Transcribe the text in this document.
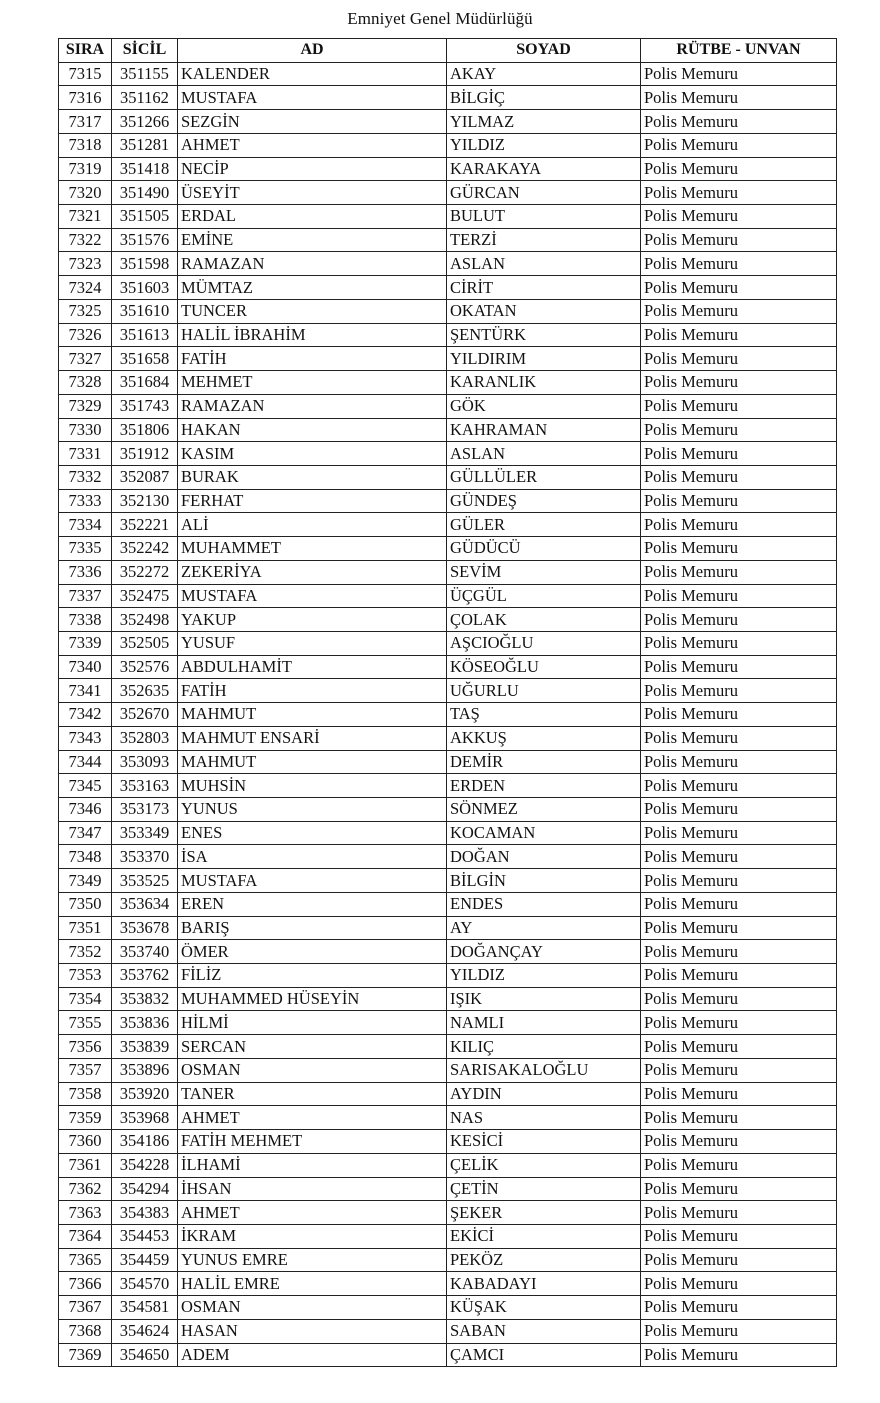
Emniyet Genel Müdürlüğü
SIRA	SİCİL	AD	SOYAD	RÜTBE - UNVAN
7315	351155	KALENDER	AKAY	Polis Memuru
7316	351162	MUSTAFA	BİLGİÇ	Polis Memuru
7317	351266	SEZGİN	YILMAZ	Polis Memuru
7318	351281	AHMET	YILDIZ	Polis Memuru
7319	351418	NECİP	KARAKAYA	Polis Memuru
7320	351490	ÜSEYİT	GÜRCAN	Polis Memuru
7321	351505	ERDAL	BULUT	Polis Memuru
7322	351576	EMİNE	TERZİ	Polis Memuru
7323	351598	RAMAZAN	ASLAN	Polis Memuru
7324	351603	MÜMTAZ	CİRİT	Polis Memuru
7325	351610	TUNCER	OKATAN	Polis Memuru
7326	351613	HALİL İBRAHİM	ŞENTÜRK	Polis Memuru
7327	351658	FATİH	YILDIRIM	Polis Memuru
7328	351684	MEHMET	KARANLIK	Polis Memuru
7329	351743	RAMAZAN	GÖK	Polis Memuru
7330	351806	HAKAN	KAHRAMAN	Polis Memuru
7331	351912	KASIM	ASLAN	Polis Memuru
7332	352087	BURAK	GÜLLÜLER	Polis Memuru
7333	352130	FERHAT	GÜNDEŞ	Polis Memuru
7334	352221	ALİ	GÜLER	Polis Memuru
7335	352242	MUHAMMET	GÜDÜCÜ	Polis Memuru
7336	352272	ZEKERİYA	SEVİM	Polis Memuru
7337	352475	MUSTAFA	ÜÇGÜL	Polis Memuru
7338	352498	YAKUP	ÇOLAK	Polis Memuru
7339	352505	YUSUF	AŞCIOĞLU	Polis Memuru
7340	352576	ABDULHAMİT	KÖSEOĞLU	Polis Memuru
7341	352635	FATİH	UĞURLU	Polis Memuru
7342	352670	MAHMUT	TAŞ	Polis Memuru
7343	352803	MAHMUT ENSARİ	AKKUŞ	Polis Memuru
7344	353093	MAHMUT	DEMİR	Polis Memuru
7345	353163	MUHSİN	ERDEN	Polis Memuru
7346	353173	YUNUS	SÖNMEZ	Polis Memuru
7347	353349	ENES	KOCAMAN	Polis Memuru
7348	353370	İSA	DOĞAN	Polis Memuru
7349	353525	MUSTAFA	BİLGİN	Polis Memuru
7350	353634	EREN	ENDES	Polis Memuru
7351	353678	BARIŞ	AY	Polis Memuru
7352	353740	ÖMER	DOĞANÇAY	Polis Memuru
7353	353762	FİLİZ	YILDIZ	Polis Memuru
7354	353832	MUHAMMED HÜSEYİN	IŞIK	Polis Memuru
7355	353836	HİLMİ	NAMLI	Polis Memuru
7356	353839	SERCAN	KILIÇ	Polis Memuru
7357	353896	OSMAN	SARISAKALOĞLU	Polis Memuru
7358	353920	TANER	AYDIN	Polis Memuru
7359	353968	AHMET	NAS	Polis Memuru
7360	354186	FATİH MEHMET	KESİCİ	Polis Memuru
7361	354228	İLHAMİ	ÇELİK	Polis Memuru
7362	354294	İHSAN	ÇETİN	Polis Memuru
7363	354383	AHMET	ŞEKER	Polis Memuru
7364	354453	İKRAM	EKİCİ	Polis Memuru
7365	354459	YUNUS EMRE	PEKÖZ	Polis Memuru
7366	354570	HALİL EMRE	KABADAYI	Polis Memuru
7367	354581	OSMAN	KÜŞAK	Polis Memuru
7368	354624	HASAN	SABAN	Polis Memuru
7369	354650	ADEM	ÇAMCI	Polis Memuru
